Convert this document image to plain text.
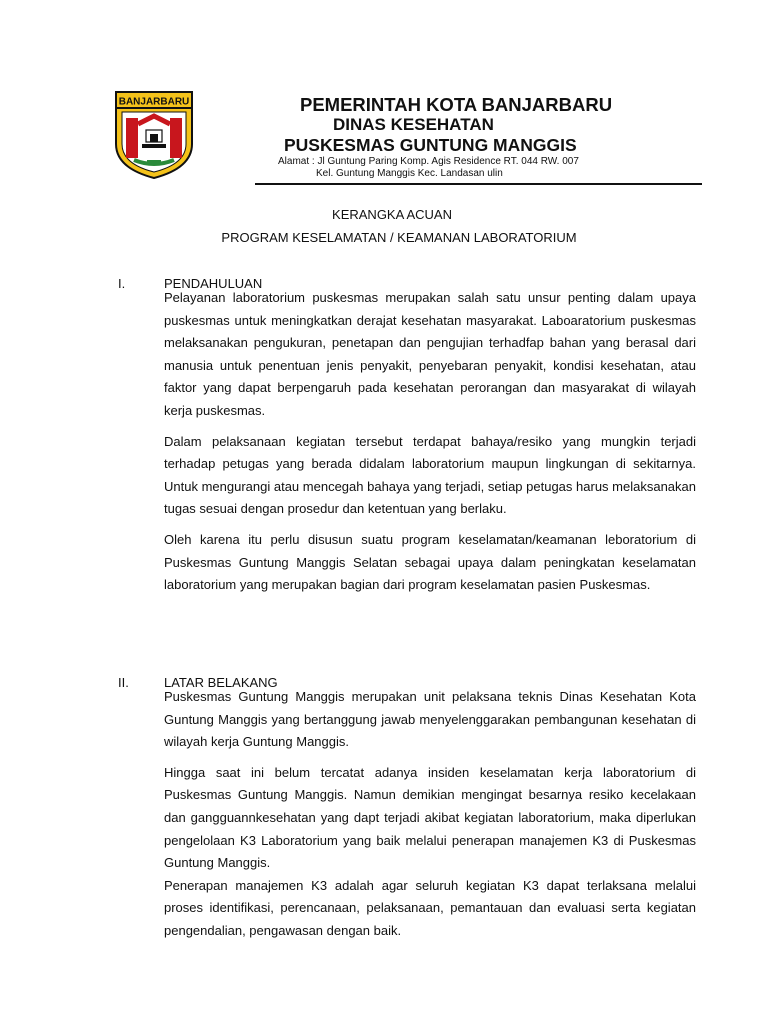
BANJARBARU	PEMERINTAH KOTA BANJARBARU
DINAS KESEHATAN
PUSKESMAS GUNTUNG MANGGIS
Alamat : Jl Guntung Paring Komp. Agis Residence RT. 044 RW. 007
Kel. Guntung Manggis Kec. Landasan ulin
KERANGKA ACUAN
PROGRAM KESELAMATAN / KEAMANAN LABORATORIUM
I.	PENDAHULUAN

Pelayanan laboratorium puskesmas merupakan salah satu unsur penting dalam upaya puskesmas untuk meningkatkan derajat kesehatan masyarakat. Laboaratorium puskesmas melaksanakan pengukuran, penetapan dan pengujian terhadfap bahan yang berasal dari manusia untuk penentuan jenis penyakit, penyebaran penyakit, kondisi kesehatan, atau faktor yang dapat berpengaruh pada kesehatan perorangan dan masyarakat di wilayah kerja puskesmas.

Dalam pelaksanaan kegiatan tersebut terdapat bahaya/resiko yang mungkin terjadi terhadap petugas yang berada didalam laboratorium maupun lingkungan di sekitarnya. Untuk mengurangi atau mencegah bahaya yang terjadi, setiap petugas harus melaksanakan tugas sesuai dengan prosedur dan ketentuan yang berlaku.

Oleh karena itu perlu disusun suatu program keselamatan/keamanan leboratorium di Puskesmas Guntung Manggis Selatan sebagai upaya dalam peningkatan keselamatan laboratorium yang merupakan bagian dari program keselamatan pasien Puskesmas.

II.	LATAR BELAKANG

Puskesmas Guntung Manggis merupakan unit pelaksana teknis Dinas Kesehatan Kota Guntung Manggis yang bertanggung jawab menyelenggarakan pembangunan kesehatan di wilayah kerja Guntung Manggis.

Hingga saat ini belum tercatat adanya insiden keselamatan kerja laboratorium di Puskesmas Guntung Manggis. Namun demikian mengingat besarnya resiko kecelakaan dan gangguannkesehatan yang dapt terjadi akibat kegiatan laboratorium, maka diperlukan pengelolaan K3 Laboratorium yang baik melalui penerapan manajemen K3 di Puskesmas Guntung Manggis.

Penerapan manajemen K3 adalah agar seluruh kegiatan K3 dapat terlaksana melalui proses identifikasi, perencanaan, pelaksanaan, pemantauan dan evaluasi serta kegiatan pengendalian, pengawasan dengan baik.
